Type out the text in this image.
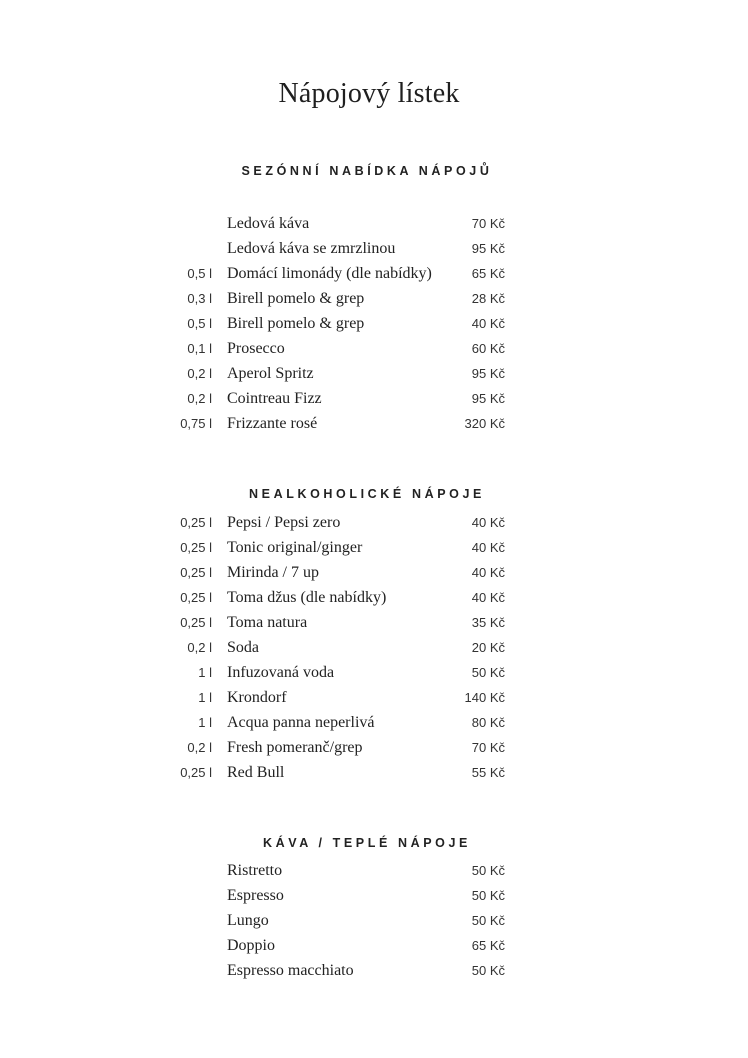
Nápojový lístek
SEZÓNNÍ NABÍDKA NÁPOJŮ
Ledová káva	70 Kč
Ledová káva se zmrzlinou	95 Kč
0,5 l Domácí limonády (dle nabídky)	65 Kč
0,3 l Birell pomelo & grep	28 Kč
0,5 l Birell pomelo & grep	40 Kč
0,1 l Prosecco	60 Kč
0,2 l Aperol Spritz	95 Kč
0,2 l Cointreau Fizz	95 Kč
0,75 l Frizzante rosé	320 Kč
NEALKOHOLICKÉ NÁPOJE
0,25 l Pepsi / Pepsi zero	40 Kč
0,25 l Tonic original/ginger	40 Kč
0,25 l Mirinda / 7 up	40 Kč
0,25 l Toma džus (dle nabídky)	40 Kč
0,25 l Toma natura	35 Kč
0,2 l Soda	20 Kč
1 l Infuzovaná voda	50 Kč
1 l Krondorf	140 Kč
1 l Acqua panna neperlivá	80 Kč
0,2 l Fresh pomeranč/grep	70 Kč
0,25 l Red Bull	55 Kč
KÁVA / TEPLÉ NÁPOJE
Ristretto	50 Kč
Espresso	50 Kč
Lungo	50 Kč
Doppio	65 Kč
Espresso macchiato	50 Kč
